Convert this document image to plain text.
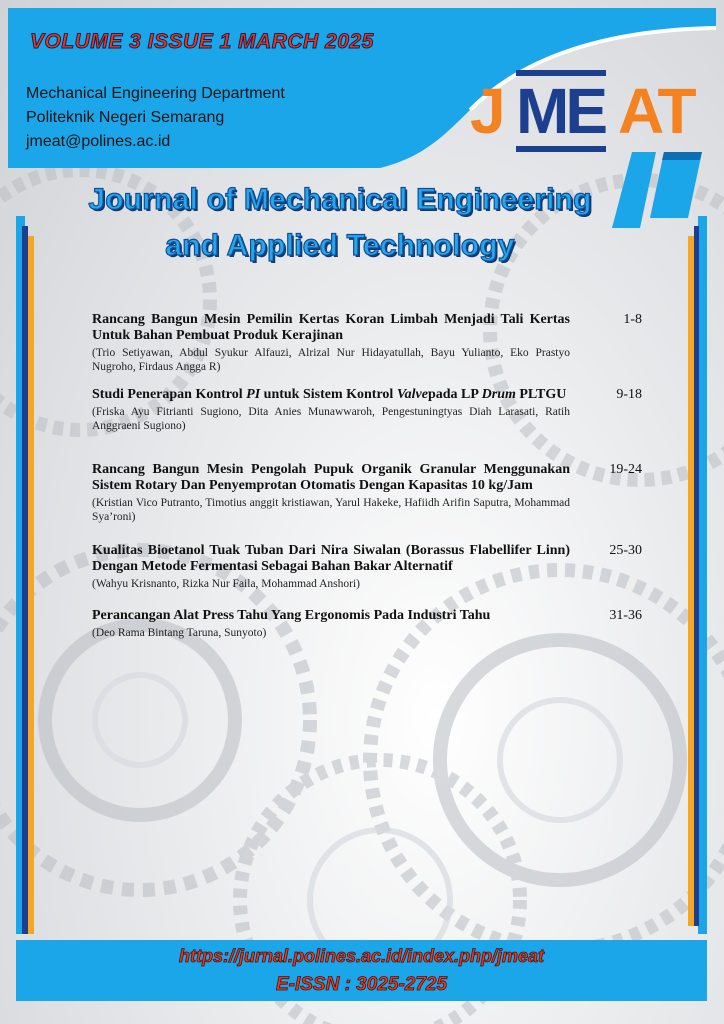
VOLUME 3 ISSUE 1 MARCH 2025

Mechanical Engineering Department

Politeknik Negeri Semarang

jmeat@polines.ac.id	J ME AT

Journal of Mechanical Engineering

and Applied Technology

Rancang Bangun Mesin Pemilin Kertas Koran Limbah Menjadi Tali Kertas Untuk Bahan Pembuat Produk Kerajinan

(Trio Setiyawan, Abdul Syukur Alfauzi, Alrizal Nur Hidayatullah, Bayu Yulianto, Eko Prastyo Nugroho, Firdaus Angga R)

1-8

Studi Penerapan Kontrol PI untuk Sistem Kontrol Valvepada LP Drum PLTGU

(Friska Ayu Fitrianti Sugiono, Dita Anies Munawwaroh, Pengestuningtyas Diah Larasati, Ratih Anggraeni Sugiono)

9-18

Rancang Bangun Mesin Pengolah Pupuk Organik Granular Menggunakan Sistem Rotary Dan Penyemprotan Otomatis Dengan Kapasitas 10 kg/Jam

(Kristian Vico Putranto, Timotius anggit kristiawan, Yarul Hakeke, Hafiidh Arifin Saputra, Mohammad Sya’roni)

19-24

Kualitas Bioetanol Tuak Tuban Dari Nira Siwalan (Borassus Flabellifer Linn) Dengan Metode Fermentasi Sebagai Bahan Bakar Alternatif

(Wahyu Krisnanto, Rizka Nur Faila, Mohammad Anshori)

25-30

Perancangan Alat Press Tahu Yang Ergonomis Pada Industri Tahu

(Deo Rama Bintang Taruna, Sunyoto)

31-36

https://jurnal.polines.ac.id/index.php/jmeat

E-ISSN : 3025-2725
